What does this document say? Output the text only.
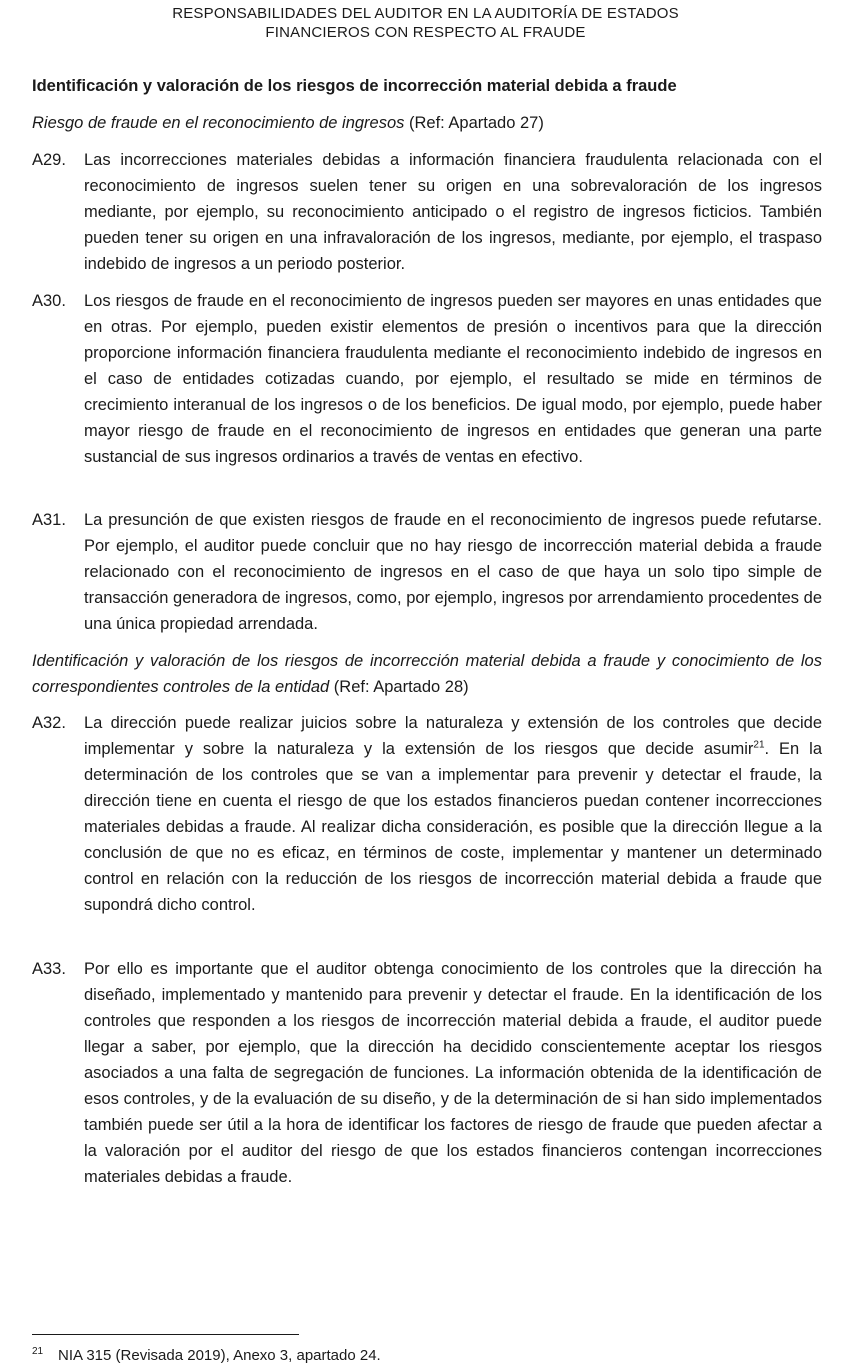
RESPONSABILIDADES DEL AUDITOR EN LA AUDITORÍA DE ESTADOS
FINANCIEROS CON RESPECTO AL FRAUDE
Identificación y valoración de los riesgos de incorrección material debida a fraude
Riesgo de fraude en el reconocimiento de ingresos (Ref: Apartado 27)
A29.	Las incorrecciones materiales debidas a información financiera fraudulenta relacionada con el reconocimiento de ingresos suelen tener su origen en una sobrevaloración de los ingresos mediante, por ejemplo, su reconocimiento anticipado o el registro de ingresos ficticios. También pueden tener su origen en una infravaloración de los ingresos, mediante, por ejemplo, el traspaso indebido de ingresos a un periodo posterior.
A30.	Los riesgos de fraude en el reconocimiento de ingresos pueden ser mayores en unas entidades que en otras. Por ejemplo, pueden existir elementos de presión o incentivos para que la dirección proporcione información financiera fraudulenta mediante el reconocimiento indebido de ingresos en el caso de entidades cotizadas cuando, por ejemplo, el resultado se mide en términos de crecimiento interanual de los ingresos o de los beneficios. De igual modo, por ejemplo, puede haber mayor riesgo de fraude en el reconocimiento de ingresos en entidades que generan una parte sustancial de sus ingresos ordinarios a través de ventas en efectivo.
A31.	La presunción de que existen riesgos de fraude en el reconocimiento de ingresos puede refutarse. Por ejemplo, el auditor puede concluir que no hay riesgo de incorrección material debida a fraude relacionado con el reconocimiento de ingresos en el caso de que haya un solo tipo simple de transacción generadora de ingresos, como, por ejemplo, ingresos por arrendamiento procedentes de una única propiedad arrendada.
Identificación y valoración de los riesgos de incorrección material debida a fraude y conocimiento de los correspondientes controles de la entidad (Ref: Apartado 28)
A32.	La dirección puede realizar juicios sobre la naturaleza y extensión de los controles que decide implementar y sobre la naturaleza y la extensión de los riesgos que decide asumir$^{21}$. En la determinación de los controles que se van a implementar para prevenir y detectar el fraude, la dirección tiene en cuenta el riesgo de que los estados financieros puedan contener incorrecciones materiales debidas a fraude. Al realizar dicha consideración, es posible que la dirección llegue a la conclusión de que no es eficaz, en términos de coste, implementar y mantener un determinado control en relación con la reducción de los riesgos de incorrección material debida a fraude que supondrá dicho control.
A33.	Por ello es importante que el auditor obtenga conocimiento de los controles que la dirección ha diseñado, implementado y mantenido para prevenir y detectar el fraude. En la identificación de los controles que responden a los riesgos de incorrección material debida a fraude, el auditor puede llegar a saber, por ejemplo, que la dirección ha decidido conscientemente aceptar los riesgos asociados a una falta de segregación de funciones. La información obtenida de la identificación de esos controles, y de la evaluación de su diseño, y de la determinación de si han sido implementados también puede ser útil a la hora de identificar los factores de riesgo de fraude que pueden afectar a la valoración por el auditor del riesgo de que los estados financieros contengan incorrecciones materiales debidas a fraude.
21 NIA 315 (Revisada 2019), Anexo 3, apartado 24.
